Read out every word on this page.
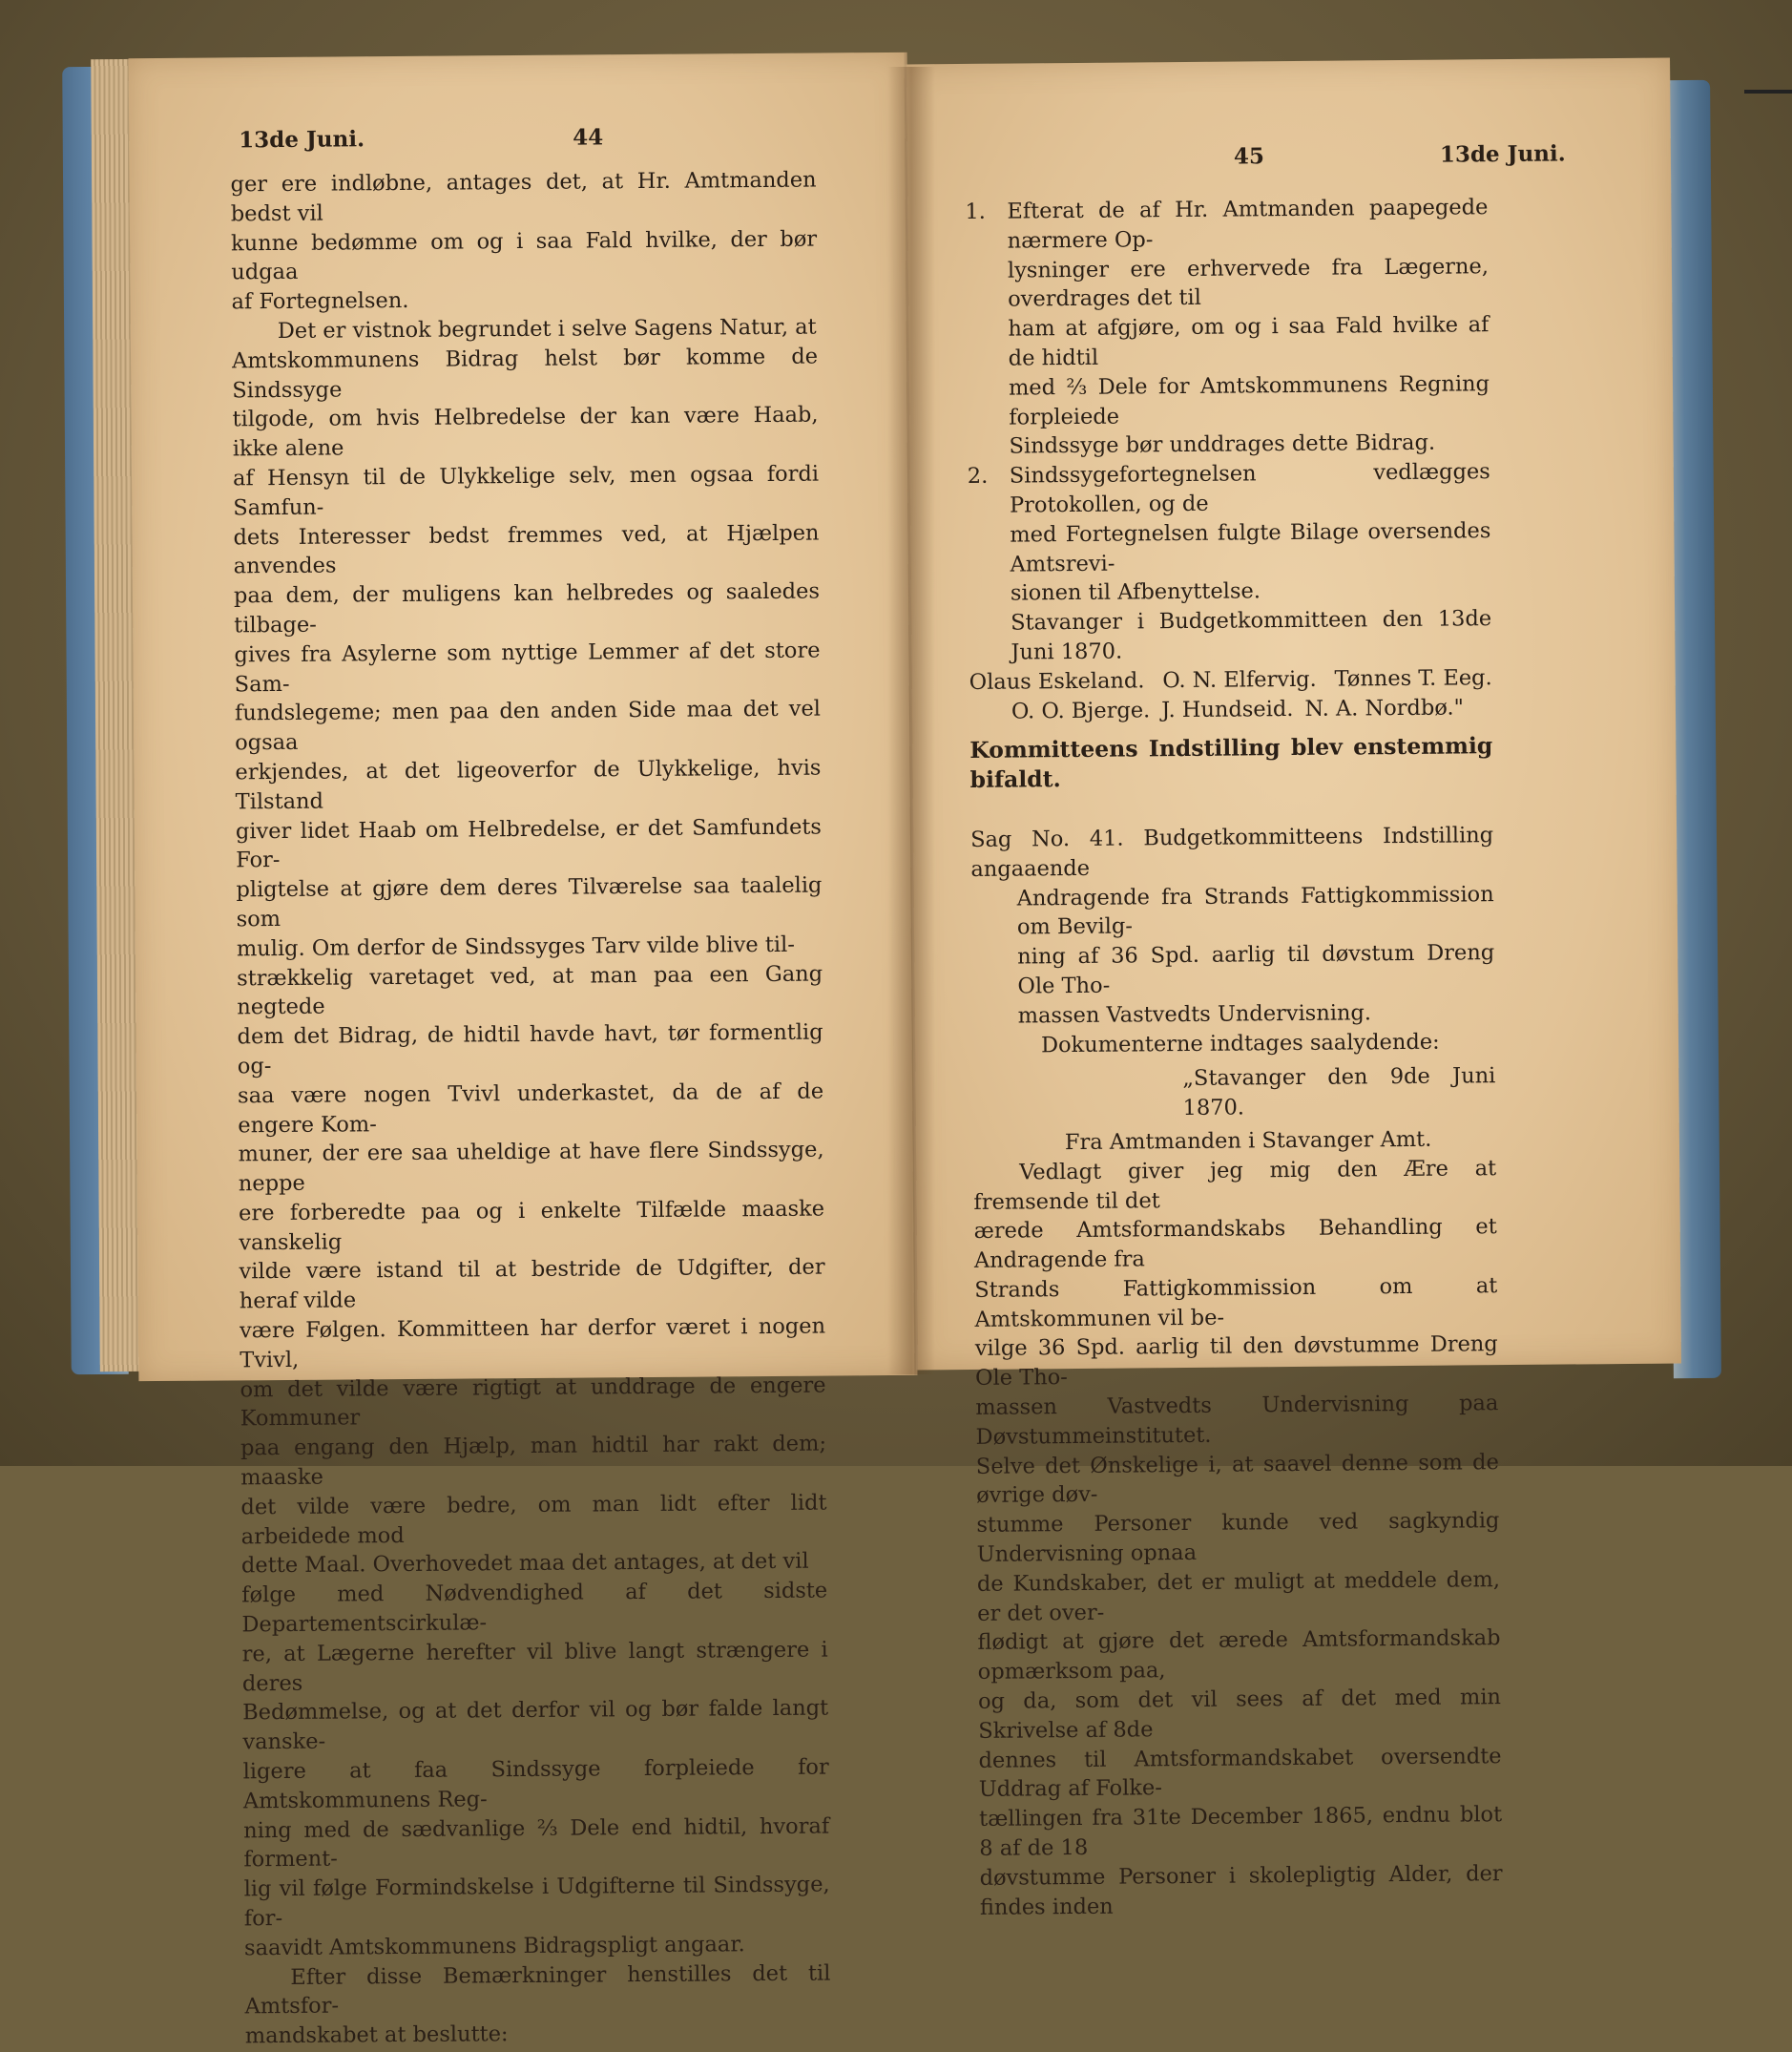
13de Juni.	44

ger ere indløbne, antages det, at Hr. Amtmanden bedst vil

kunne bedømme om og i saa Fald hvilke, der bør udgaa

af Fortegnelsen.

Det er vistnok begrundet i selve Sagens Natur, at

Amtskommunens Bidrag helst bør komme de Sindssyge

tilgode, om hvis Helbredelse der kan være Haab, ikke alene

af Hensyn til de Ulykkelige selv, men ogsaa fordi Samfun-

dets Interesser bedst fremmes ved, at Hjælpen anvendes

paa dem, der muligens kan helbredes og saaledes tilbage-

gives fra Asylerne som nyttige Lemmer af det store Sam-

fundslegeme; men paa den anden Side maa det vel ogsaa

erkjendes, at det ligeoverfor de Ulykkelige, hvis Tilstand

giver lidet Haab om Helbredelse, er det Samfundets For-

pligtelse at gjøre dem deres Tilværelse saa taalelig som

mulig. Om derfor de Sindssyges Tarv vilde blive til-

strækkelig varetaget ved, at man paa een Gang negtede

dem det Bidrag, de hidtil havde havt, tør formentlig og-

saa være nogen Tvivl underkastet, da de af de engere Kom-

muner, der ere saa uheldige at have flere Sindssyge, neppe

ere forberedte paa og i enkelte Tilfælde maaske vanskelig

vilde være istand til at bestride de Udgifter, der heraf vilde

være Følgen. Kommitteen har derfor været i nogen Tvivl,

om det vilde være rigtigt at unddrage de engere Kommuner

paa engang den Hjælp, man hidtil har rakt dem; maaske

det vilde være bedre, om man lidt efter lidt arbeidede mod

dette Maal. Overhovedet maa det antages, at det vil

følge med Nødvendighed af det sidste Departementscirkulæ-

re, at Lægerne herefter vil blive langt strængere i deres

Bedømmelse, og at det derfor vil og bør falde langt vanske-

ligere at faa Sindssyge forpleiede for Amtskommunens Reg-

ning med de sædvanlige ⅔ Dele end hidtil, hvoraf forment-

lig vil følge Formindskelse i Udgifterne til Sindssyge, for-

saavidt Amtskommunens Bidragspligt angaar.

Efter disse Bemærkninger henstilles det til Amtsfor-

mandskabet at beslutte:

45	13de Juni.
1. Efterat de af Hr. Amtmanden paapegede nærmere Op-

lysninger ere erhvervede fra Lægerne, overdrages det til

ham at afgjøre, om og i saa Fald hvilke af de hidtil

med ⅔ Dele for Amtskommunens Regning forpleiede

Sindssyge bør unddrages dette Bidrag.

2. Sindssygefortegnelsen vedlægges Protokollen, og de

med Fortegnelsen fulgte Bilage oversendes Amtsrevi-

sionen til Afbenyttelse.

Stavanger i Budgetkommitteen den 13de Juni 1870.

Olaus Eskeland. O. N. Elfervig. Tønnes T. Eeg.
O. O. Bjerge. J. Hundseid. N. A. Nordbø."

Kommitteens Indstilling blev enstemmig bifaldt.

Sag No. 41. Budgetkommitteens Indstilling angaaende

Andragende fra Strands Fattigkommission om Bevilg-

ning af 36 Spd. aarlig til døvstum Dreng Ole Tho-

massen Vastvedts Undervisning.

Dokumenterne indtages saalydende:

„Stavanger den 9de Juni 1870.

Fra Amtmanden i Stavanger Amt.

Vedlagt giver jeg mig den Ære at fremsende til det

ærede Amtsformandskabs Behandling et Andragende fra

Strands Fattigkommission om at Amtskommunen vil be-

vilge 36 Spd. aarlig til den døvstumme Dreng Ole Tho-

massen Vastvedts Undervisning paa Døvstummeinstitutet.

Selve det Ønskelige i, at saavel denne som de øvrige døv-

stumme Personer kunde ved sagkyndig Undervisning opnaa

de Kundskaber, det er muligt at meddele dem, er det over-

flødigt at gjøre det ærede Amtsformandskab opmærksom paa,

og da, som det vil sees af det med min Skrivelse af 8de

dennes til Amtsformandskabet oversendte Uddrag af Folke-

tællingen fra 31te December 1865, endnu blot 8 af de 18

døvstumme Personer i skolepligtig Alder, der findes inden
